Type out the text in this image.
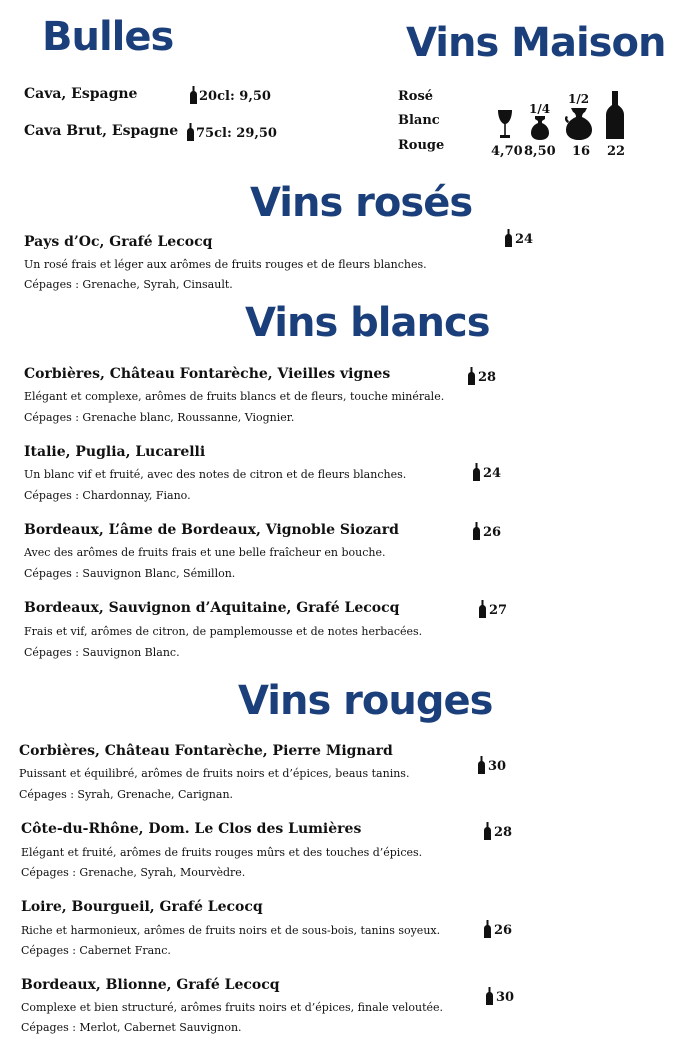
Bulles
Cava, Espagne	20cl: 9,50
Cava Brut, Espagne 75cl: 29,50
Vins Maison
Rosé
Blanc
Rouge
1/4
1/2
4,70 8,50 16 22
Vins rosés
Pays d’Oc, Grafé Lecocq
Un rosé frais et léger aux arômes de fruits rouges et de fleurs blanches.
Cépages : Grenache, Syrah, Cinsault.
24
Vins blancs
Corbières, Château Fontarèche, Vieilles vignes
Elégant et complexe, arômes de fruits blancs et de fleurs, touche minérale.
Cépages : Grenache blanc, Roussanne, Viognier.
28
Italie, Puglia, Lucarelli
Un blanc vif et fruité, avec des notes de citron et de fleurs blanches.
Cépages : Chardonnay, Fiano.
24
Bordeaux, L’âme de Bordeaux, Vignoble Siozard
Avec des arômes de fruits frais et une belle fraîcheur en bouche.
Cépages : Sauvignon Blanc, Sémillon.
26
Bordeaux, Sauvignon d’Aquitaine, Grafé Lecocq
Frais et vif, arômes de citron, de pamplemousse et de notes herbacées.
Cépages : Sauvignon Blanc.
27
Vins rouges
Corbières, Château Fontarèche, Pierre Mignard
Puissant et équilibré, arômes de fruits noirs et d’épices, beaus tanins.
Cépages : Syrah, Grenache, Carignan.
30
Côte-du-Rhône, Dom. Le Clos des Lumières
Elégant et fruité, arômes de fruits rouges mûrs et des touches d’épices.
Cépages : Grenache, Syrah, Mourvèdre.
28
Loire, Bourgueil, Grafé Lecocq
Riche et harmonieux, arômes de fruits noirs et de sous-bois, tanins soyeux.
Cépages : Cabernet Franc.
26
Bordeaux, Blionne, Grafé Lecocq
Complexe et bien structuré, arômes fruits noirs et d’épices, finale veloutée.
Cépages : Merlot, Cabernet Sauvignon.
30
